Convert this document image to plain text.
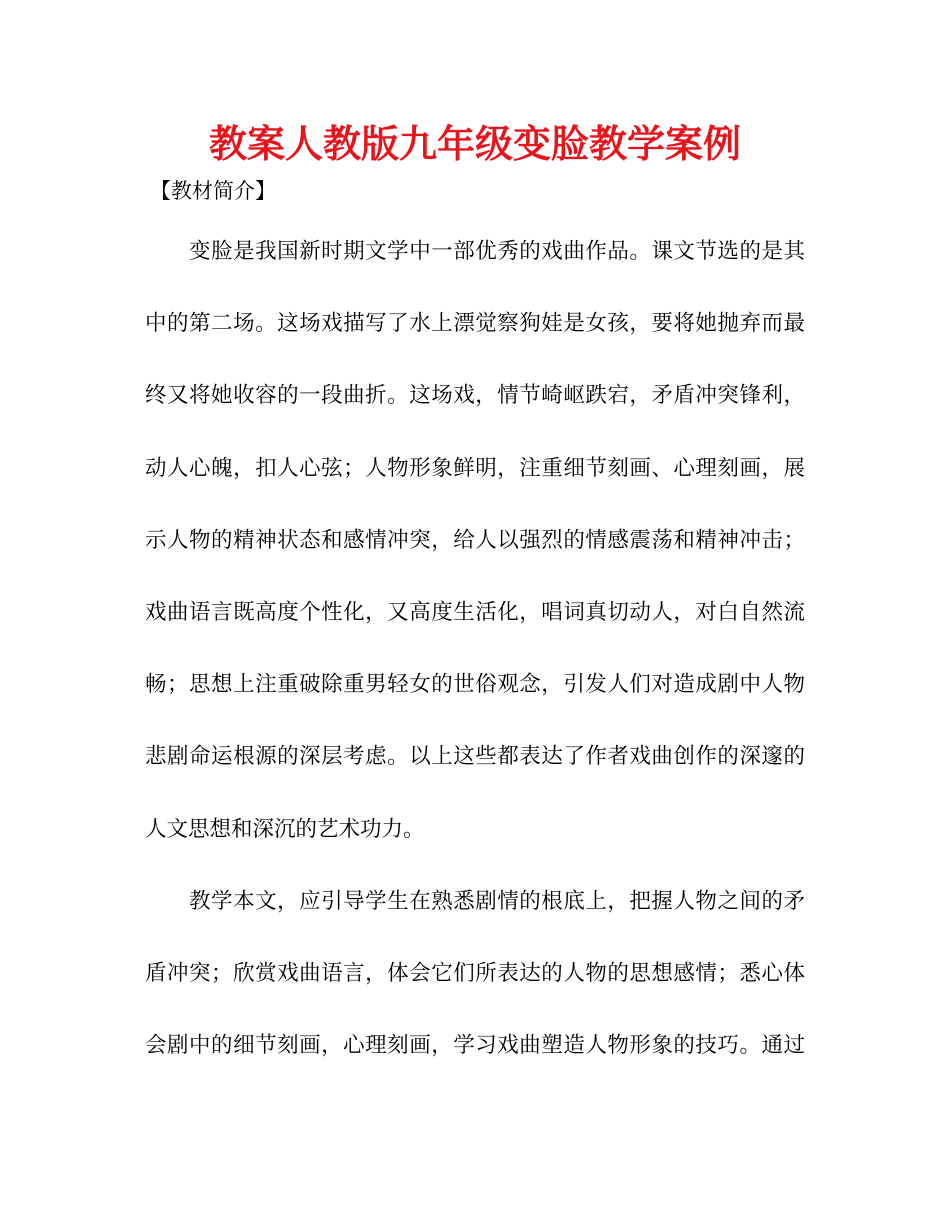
教案人教版九年级变脸教学案例
【教材简介】
　　变脸是我国新时期文学中一部优秀的戏曲作品。课文节选的是其
中的第二场。这场戏描写了水上漂觉察狗娃是女孩，要将她抛弃而最
终又将她收容的一段曲折。这场戏，情节崎岖跌宕，矛盾冲突锋利，
动人心魄，扣人心弦；人物形象鲜明，注重细节刻画、心理刻画，展
示人物的精神状态和感情冲突，给人以强烈的情感震荡和精神冲击；
戏曲语言既高度个性化，又高度生活化，唱词真切动人，对白自然流
畅；思想上注重破除重男轻女的世俗观念，引发人们对造成剧中人物
悲剧命运根源的深层考虑。以上这些都表达了作者戏曲创作的深邃的
人文思想和深沉的艺术功力。
　　教学本文，应引导学生在熟悉剧情的根底上，把握人物之间的矛
盾冲突；欣赏戏曲语言，体会它们所表达的人物的思想感情；悉心体
会剧中的细节刻画，心理刻画，学习戏曲塑造人物形象的技巧。通过
